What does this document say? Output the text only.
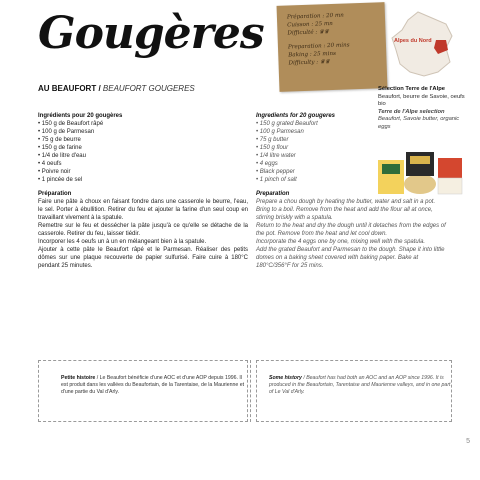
Gougères	Préparation : 20 mn
Cuisson : 25 mn
Difficulté : ♛♛
Preparation : 20 mins
Baking : 25 mins
Difficulty : ♛♛
Alpes du Nord
AU BEAUFORT / BEAUFORT GOUGERES	Sélection Terre de l'Alpe
Beaufort, beurre de Savoie, oeufs bio
Terre de l'Alpe selection
Beaufort, Savoie butter, organic eggs
Ingrédients pour 20 gougères
• 150 g de Beaufort râpé
• 100 g de Parmesan
• 75 g de beurre
• 150 g de farine
• 1/4 de litre d'eau
• 4 oeufs
• Poivre noir
• 1 pincée de sel
Préparation
Faire une pâte à choux en faisant fondre dans une casserole le beurre, l'eau, le sel. Porter à ébullition. Retirer du feu et ajouter la farine d'un seul coup en travaillant vivement à la spatule.
Remettre sur le feu et dessécher la pâte jusqu'à ce qu'elle se détache de la casserole. Retirer du feu, laisser tiédir.
Incorporer les 4 oeufs un à un en mélangeant bien à la spatule.
Ajouter à cette pâte le Beaufort râpé et le Parmesan. Réaliser des petits dômes sur une plaque recouverte de papier sulfurisé. Faire cuire à 180°C pendant 25 minutes.
Ingredients for 20 gougeres
• 150 g grated Beaufort
• 100 g Parmesan
• 75 g butter
• 150 g flour
• 1/4 litre water
• 4 eggs
• Black pepper
• 1 pinch of salt
Preparation
Prepare a chou dough by heating the butter, water and salt in a pot. Bring to a boil. Remove from the heat and add the flour all at once, stirring briskly with a spatula.
Return to the heat and dry the dough until it detaches from the edges of the pot. Remove from the heat and let cool down.
Incorporate the 4 eggs one by one, mixing well with the spatula.
Add the grated Beaufort and Parmesan to the dough. Shape it into little domes on a baking sheet covered with baking paper. Bake at 180°C/356°F for 25 mins.
Petite histoire / Le Beaufort bénéficie d'une AOC et d'une AOP depuis 1996. Il est produit dans les vallées du Beaufortain, de la Tarentaise, de la Maurienne et d'une partie du Val d'Arly.
Some history / Beaufort has had both an AOC and an AOP since 1996. It is produced in the Beaufortain, Tarentaise and Maurienne valleys, and in one part of Le Val d'Arly.
5
